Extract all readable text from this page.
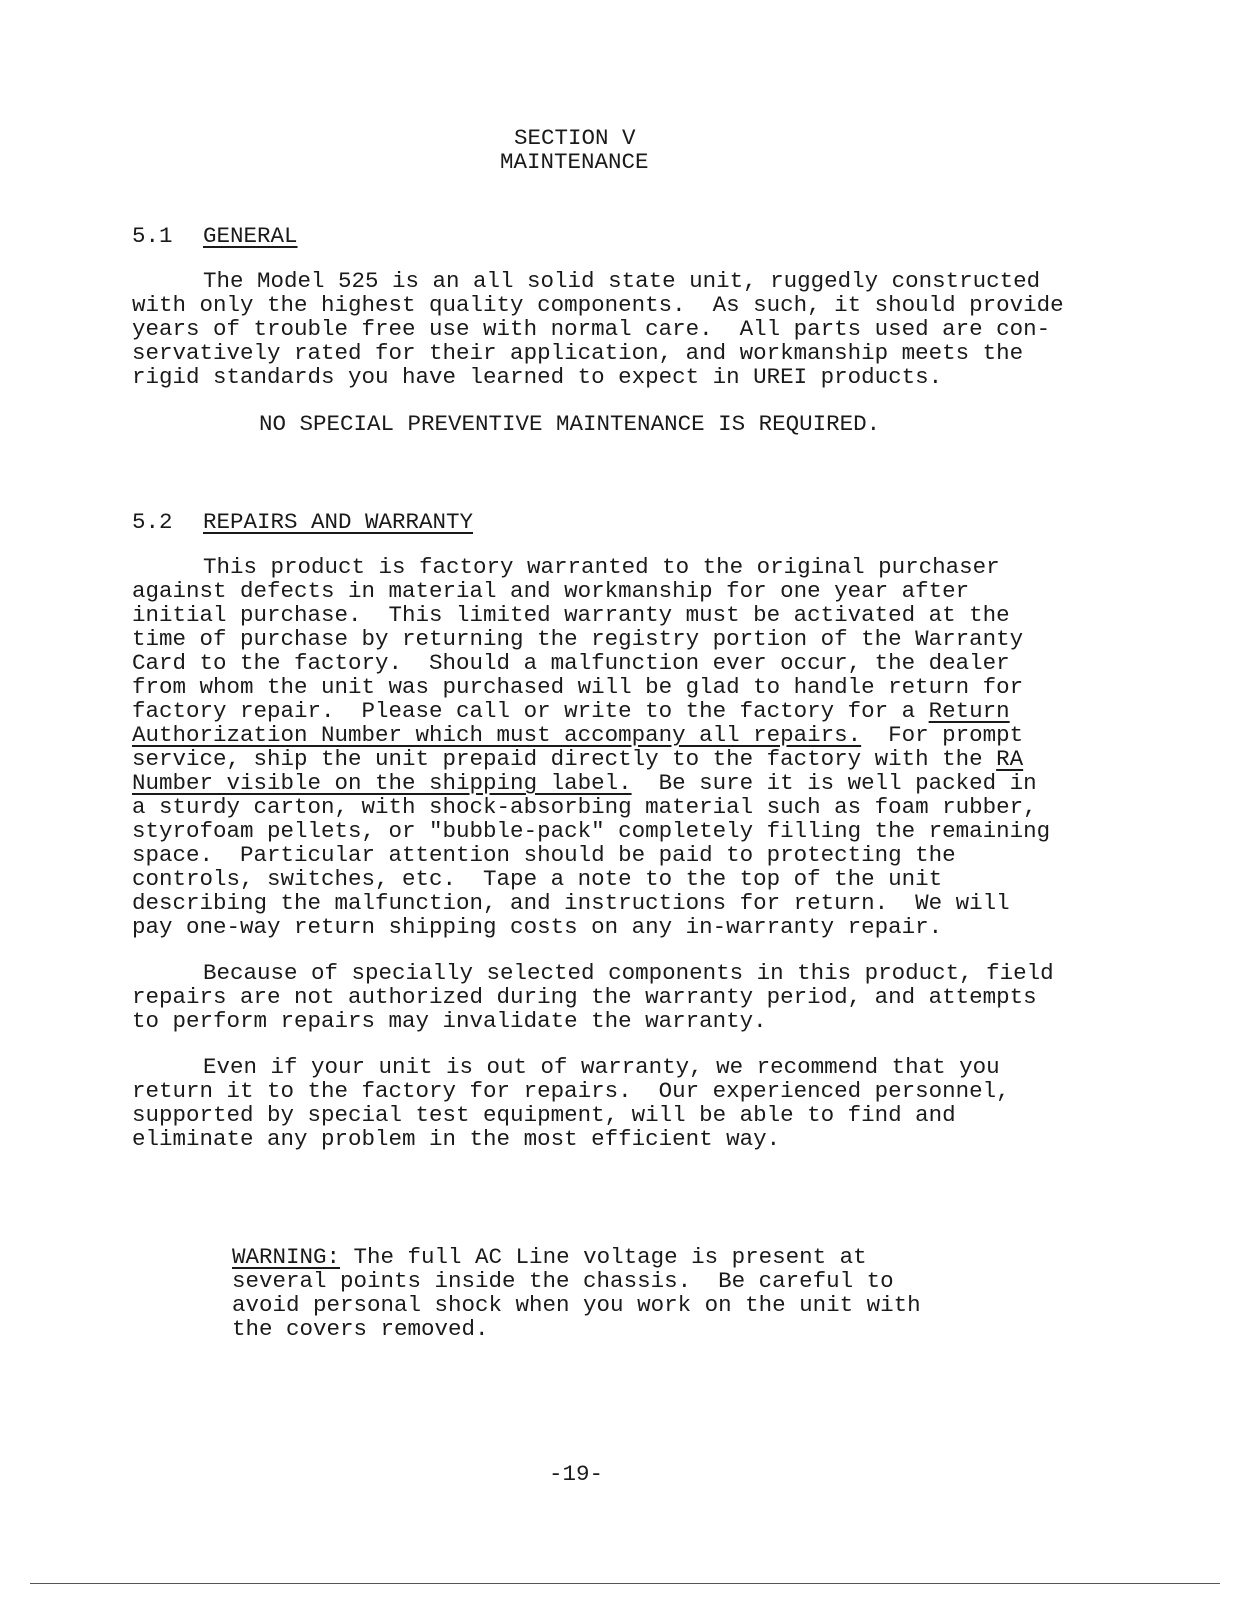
SECTION V
MAINTENANCE
5.1 GENERAL
The Model 525 is an all solid state unit, ruggedly constructed
with only the highest quality components.  As such, it should provide
years of trouble free use with normal care.  All parts used are con-
servatively rated for their application, and workmanship meets the
rigid standards you have learned to expect in UREI products.
NO SPECIAL PREVENTIVE MAINTENANCE IS REQUIRED.
5.2 REPAIRS AND WARRANTY
This product is factory warranted to the original purchaser
against defects in material and workmanship for one year after
initial purchase.  This limited warranty must be activated at the
time of purchase by returning the registry portion of the Warranty
Card to the factory.  Should a malfunction ever occur, the dealer
from whom the unit was purchased will be glad to handle return for
factory repair.  Please call or write to the factory for a Return
Authorization Number which must accompany all repairs.  For prompt
service, ship the unit prepaid directly to the factory with the RA
Number visible on the shipping label.  Be sure it is well packed in
a sturdy carton, with shock-absorbing material such as foam rubber,
styrofoam pellets, or "bubble-pack" completely filling the remaining
space.  Particular attention should be paid to protecting the
controls, switches, etc.  Tape a note to the top of the unit
describing the malfunction, and instructions for return.  We will
pay one-way return shipping costs on any in-warranty repair.
Because of specially selected components in this product, field
repairs are not authorized during the warranty period, and attempts
to perform repairs may invalidate the warranty.
Even if your unit is out of warranty, we recommend that you
return it to the factory for repairs.  Our experienced personnel,
supported by special test equipment, will be able to find and
eliminate any problem in the most efficient way.
WARNING: The full AC Line voltage is present at
several points inside the chassis.  Be careful to
avoid personal shock when you work on the unit with
the covers removed.
-19-
